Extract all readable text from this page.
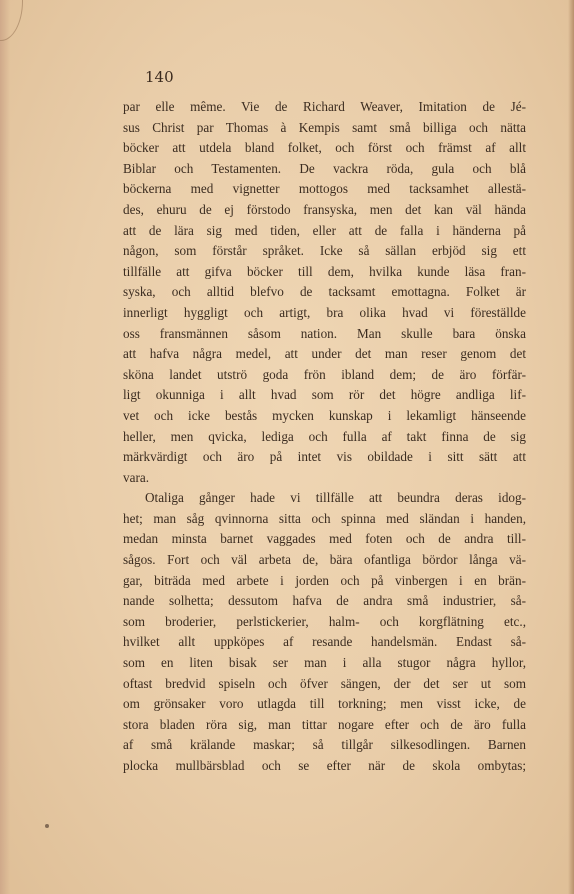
140
par elle même. Vie de Richard Weaver, Imitation de Jé-
sus Christ par Thomas à Kempis samt små billiga och nätta
böcker att utdela bland folket, och först och främst af allt
Biblar och Testamenten. De vackra röda, gula och blå
böckerna med vignetter mottogos med tacksamhet allestä-
des, ehuru de ej förstodo fransyska, men det kan väl hända
att de lära sig med tiden, eller att de falla i händerna på
någon, som förstår språket. Icke så sällan erbjöd sig ett
tillfälle att gifva böcker till dem, hvilka kunde läsa fran-
syska, och alltid blefvo de tacksamt emottagna. Folket är
innerligt hyggligt och artigt, bra olika hvad vi föreställde
oss fransmännen såsom nation. Man skulle bara önska
att hafva några medel, att under det man reser genom det
sköna landet utströ goda frön ibland dem; de äro förfär-
ligt okunniga i allt hvad som rör det högre andliga lif-
vet och icke bestås mycken kunskap i lekamligt hänseende
heller, men qvicka, lediga och fulla af takt finna de sig
märkvärdigt och äro på intet vis obildade i sitt sätt att
vara.
Otaliga gånger hade vi tillfälle att beundra deras idog-
het; man såg qvinnorna sitta och spinna med sländan i handen,
medan minsta barnet vaggades med foten och de andra till-
sågos. Fort och väl arbeta de, bära ofantliga bördor långa vä-
gar, biträda med arbete i jorden och på vinbergen i en brän-
nande solhetta; dessutom hafva de andra små industrier, så-
som broderier, perlstickerier, halm- och korgflätning etc.,
hvilket allt uppköpes af resande handelsmän. Endast så-
som en liten bisak ser man i alla stugor några hyllor,
oftast bredvid spiseln och öfver sängen, der det ser ut som
om grönsaker voro utlagda till torkning; men visst icke, de
stora bladen röra sig, man tittar nogare efter och de äro fulla
af små krälande maskar; så tillgår silkesodlingen. Barnen
plocka mullbärsblad och se efter när de skola ombytas;
